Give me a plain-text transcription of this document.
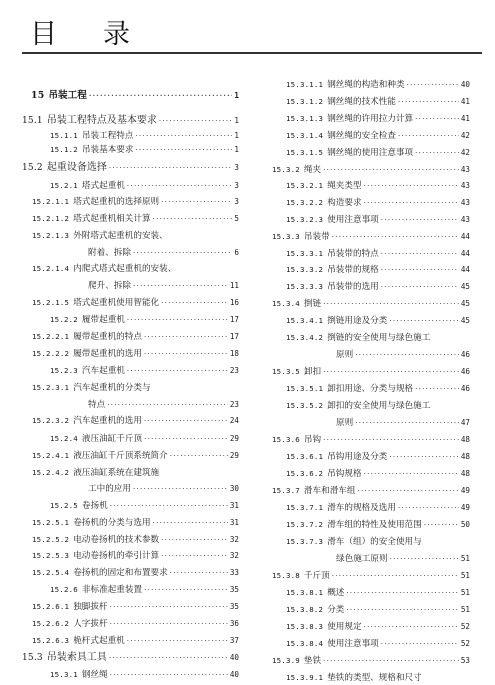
目 录
15 吊装工程 ·····	1
15.1 吊装工程特点及基本要求 ·····	1
15.1.1 吊装工程特点 ·····	1
15.1.2 吊装基本要求 ·····	1
15.2 起重设备选择 ·····	3
15.2.1 塔式起重机 ·····	3
15.2.1.1 塔式起重机的选择原则 ·····	3
15.2.1.2 塔式起重机相关计算 ·····	5
15.2.1.3 外附塔式起重机的安装、
附着、拆除 ·····	6
15.2.1.4 内爬式塔式起重机的安装、
爬升、拆除 ·····	11
15.2.1.5 塔式起重机使用智能化 ·····	16
15.2.2 履带起重机 ·····	17
15.2.2.1 履带起重机的特点 ·····	17
15.2.2.2 履带起重机的选用 ·····	18
15.2.3 汽车起重机 ·····	23
15.2.3.1 汽车起重机的分类与
特点 ·····	23
15.2.3.2 汽车起重机的选用 ·····	24
15.2.4 液压油缸千斤顶 ·····	29
15.2.4.1 液压油缸千斤顶系统简介 ·····	29
15.2.4.2 液压油缸系统在建筑施
工中的应用 ·····	30
15.2.5 卷扬机 ·····	31
15.2.5.1 卷扬机的分类与选用 ·····	31
15.2.5.2 电动卷扬机的技术参数 ·····	32
15.2.5.3 电动卷扬机的牵引计算 ·····	32
15.2.5.4 卷扬机的固定和布置要求 ·····	33
15.2.6 非标准起重装置 ·····	35
15.2.6.1 独脚拔杆 ·····	35
15.2.6.2 人字拔杆 ·····	36
15.2.6.3 桅杆式起重机 ·····	37
15.3 吊装索具工具 ·····	40
15.3.1 钢丝绳 ·····	40
15.3.1.1 钢丝绳的构造和种类 ·····	40
15.3.1.2 钢丝绳的技术性能 ·····	41
15.3.1.3 钢丝绳的许用拉力计算 ·····	41
15.3.1.4 钢丝绳的安全检查 ·····	42
15.3.1.5 钢丝绳的使用注意事项 ·····	42
15.3.2 绳夹 ·····	43
15.3.2.1 绳夹类型 ·····	43
15.3.2.2 构造要求 ·····	43
15.3.2.3 使用注意事项 ·····	43
15.3.3 吊装带 ·····	44
15.3.3.1 吊装带的特点 ·····	44
15.3.3.2 吊装带的规格 ·····	44
15.3.3.3 吊装带的选用 ·····	45
15.3.4 捯链 ·····	45
15.3.4.1 捯链用途及分类 ·····	45
15.3.4.2 捯链的安全使用与绿色施工
原则 ·····	46
15.3.5 卸扣 ·····	46
15.3.5.1 卸扣用途、分类与规格 ·····	46
15.3.5.2 卸扣的安全使用与绿色施工
原则 ·····	47
15.3.6 吊钩 ·····	48
15.3.6.1 吊钩用途及分类 ·····	48
15.3.6.2 吊钩规格 ·····	48
15.3.7 滑车和滑车组 ·····	49
15.3.7.1 滑车的规格及选用 ·····	49
15.3.7.2 滑车组的特性及使用范围 ·····	50
15.3.7.3 滑车（组）的安全使用与
绿色施工原则 ·····	51
15.3.8 千斤顶 ·····	51
15.3.8.1 概述 ·····	51
15.3.8.2 分类 ·····	51
15.3.8.3 使用规定 ·····	52
15.3.8.4 使用注意事项 ·····	52
15.3.9 垫铁 ·····	53
15.3.9.1 垫铁的类型、规格和尺寸
